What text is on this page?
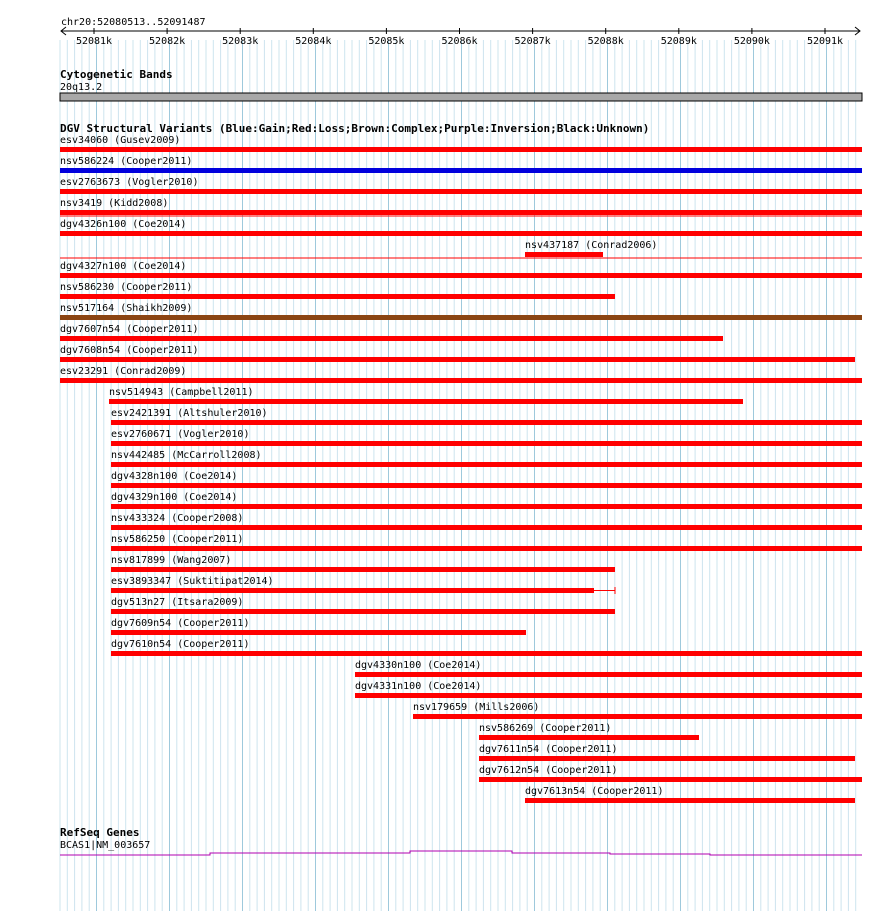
chr20:52080513..52091487
52081k	52082k	52083k	52084k	52085k	52086k	52087k	52088k	52089k	52090k	52091k
Cytogenetic Bands
20q13.2
DGV Structural Variants (Blue:Gain;Red:Loss;Brown:Complex;Purple:Inversion;Black:Unknown)
esv34060 (Gusev2009)
nsv586224 (Cooper2011)
esv2763673 (Vogler2010)
nsv3419 (Kidd2008)
dgv4326n100 (Coe2014)
nsv437187 (Conrad2006)
dgv4327n100 (Coe2014)
nsv586230 (Cooper2011)
nsv517164 (Shaikh2009)
dgv7607n54 (Cooper2011)
dgv7608n54 (Cooper2011)
esv23291 (Conrad2009)
nsv514943 (Campbell2011)
esv2421391 (Altshuler2010)
esv2760671 (Vogler2010)
nsv442485 (McCarroll2008)
dgv4328n100 (Coe2014)
dgv4329n100 (Coe2014)
nsv433324 (Cooper2008)
nsv586250 (Cooper2011)
nsv817899 (Wang2007)
esv3893347 (Suktitipat2014)
dgv513n27 (Itsara2009)
dgv7609n54 (Cooper2011)
dgv7610n54 (Cooper2011)
dgv4330n100 (Coe2014)
dgv4331n100 (Coe2014)
nsv179659 (Mills2006)
nsv586269 (Cooper2011)
dgv7611n54 (Cooper2011)
dgv7612n54 (Cooper2011)
dgv7613n54 (Cooper2011)
RefSeq Genes
BCAS1|NM_003657
